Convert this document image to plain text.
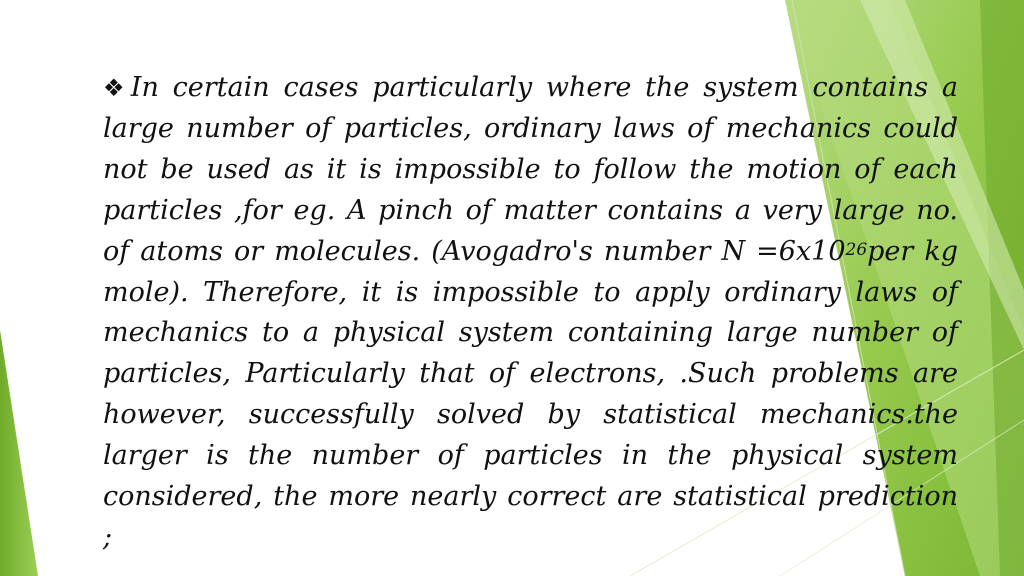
❖In certain cases particularly where the system contains a large number of particles, ordinary laws of mechanics could not be used as it is impossible to follow the motion of each particles ,for eg. A pinch of matter contains a very large no. of atoms or molecules. (Avogadro's number $N =6x10^{26}per$ kg mole). Therefore, it is impossible to apply ordinary laws of mechanics to a physical system containing large number of particles, Particularly that of electrons, .Such problems are however, successfully solved by statistical mechanics.the larger is the number of particles in the physical system considered, the more nearly correct are statistical prediction ;
